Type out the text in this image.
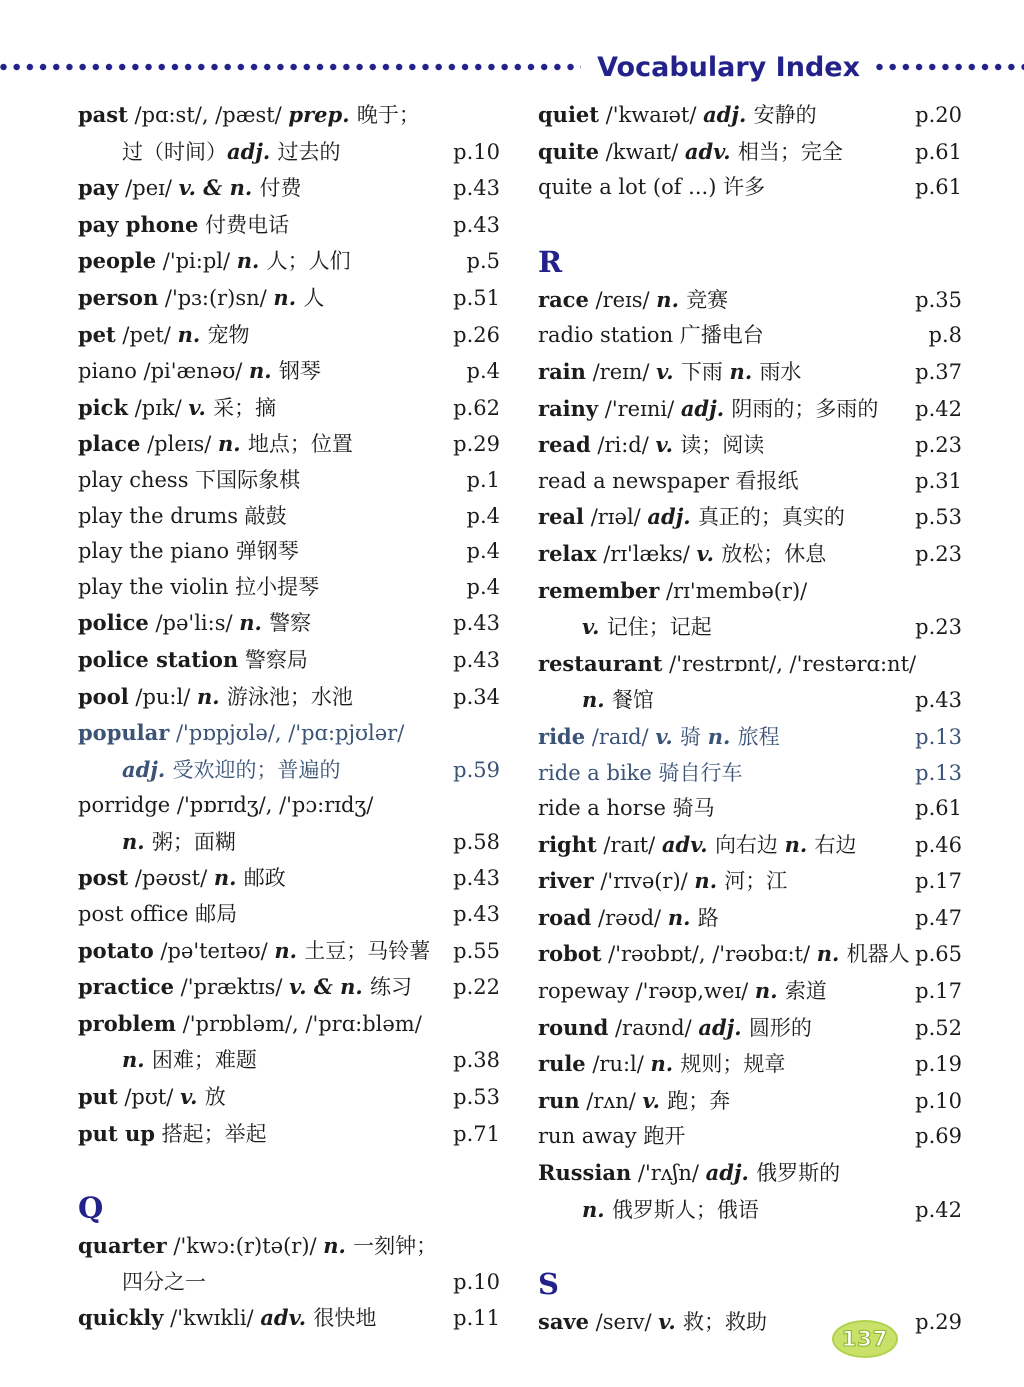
Vocabulary Index
past /pɑ:st/, /pæst/ prep. 晚于；
过（时间）adj. 过去的	p.10
pay /peɪ/ v. & n. 付费	p.43
pay phone 付费电话	p.43
people /'pi:pl/ n. 人；人们	p.5
person /'pɜ:(r)sn/ n. 人	p.51
pet /pet/ n. 宠物	p.26
piano /pi'ænəʊ/ n. 钢琴	p.4
pick /pɪk/ v. 采；摘	p.62
place /pleɪs/ n. 地点；位置	p.29
play chess 下国际象棋	p.1
play the drums 敲鼓	p.4
play the piano 弹钢琴	p.4
play the violin 拉小提琴	p.4
police /pə'li:s/ n. 警察	p.43
police station 警察局	p.43
pool /pu:l/ n. 游泳池；水池	p.34
popular /'pɒpjʊlə/, /'pɑ:pjʊlər/
adj. 受欢迎的；普遍的	p.59
porridge /'pɒrɪdʒ/, /'pɔ:rɪdʒ/
n. 粥；面糊	p.58
post /pəʊst/ n. 邮政	p.43
post office 邮局	p.43
potato /pə'teɪtəʊ/ n. 土豆；马铃薯 p.55
practice /'præktɪs/ v. & n. 练习 p.22
problem /'prɒbləm/, /'prɑ:bləm/
n. 困难；难题	p.38
put /pʊt/ v. 放	p.53
put up 搭起；举起	p.71
Q
quarter /'kwɔ:(r)tə(r)/ n. 一刻钟；
四分之一	p.10
quickly /'kwɪkli/ adv. 很快地	p.11
quiet /'kwaɪət/ adj. 安静的	p.20
quite /kwaɪt/ adv. 相当；完全	p.61
quite a lot (of ...) 许多	p.61
R
race /reɪs/ n. 竞赛	p.35
radio station 广播电台	p.8
rain /reɪn/ v. 下雨 n. 雨水	p.37
rainy /'reɪni/ adj. 阴雨的；多雨的 p.42
read /ri:d/ v. 读；阅读	p.23
read a newspaper 看报纸	p.31
real /rɪəl/ adj. 真正的；真实的	p.53
relax /rɪ'læks/ v. 放松；休息	p.23
remember /rɪ'membə(r)/
v. 记住；记起	p.23
restaurant /'restrɒnt/, /'restərɑ:nt/
n. 餐馆	p.43
ride /raɪd/ v. 骑 n. 旅程	p.13
ride a bike 骑自行车	p.13
ride a horse 骑马	p.61
right /raɪt/ adv. 向右边 n. 右边	p.46
river /'rɪvə(r)/ n. 河；江	p.17
road /rəʊd/ n. 路	p.47
robot /'rəʊbɒt/, /'rəʊbɑ:t/ n. 机器人 p.65
ropeway /'rəʊp,weɪ/ n. 索道	p.17
round /raʊnd/ adj. 圆形的	p.52
rule /ru:l/ n. 规则；规章	p.19
run /rʌn/ v. 跑；奔	p.10
run away 跑开	p.69
Russian /'rʌʃn/ adj. 俄罗斯的
n. 俄罗斯人；俄语	p.42
S
save /seɪv/ v. 救；救助	p.29
137
